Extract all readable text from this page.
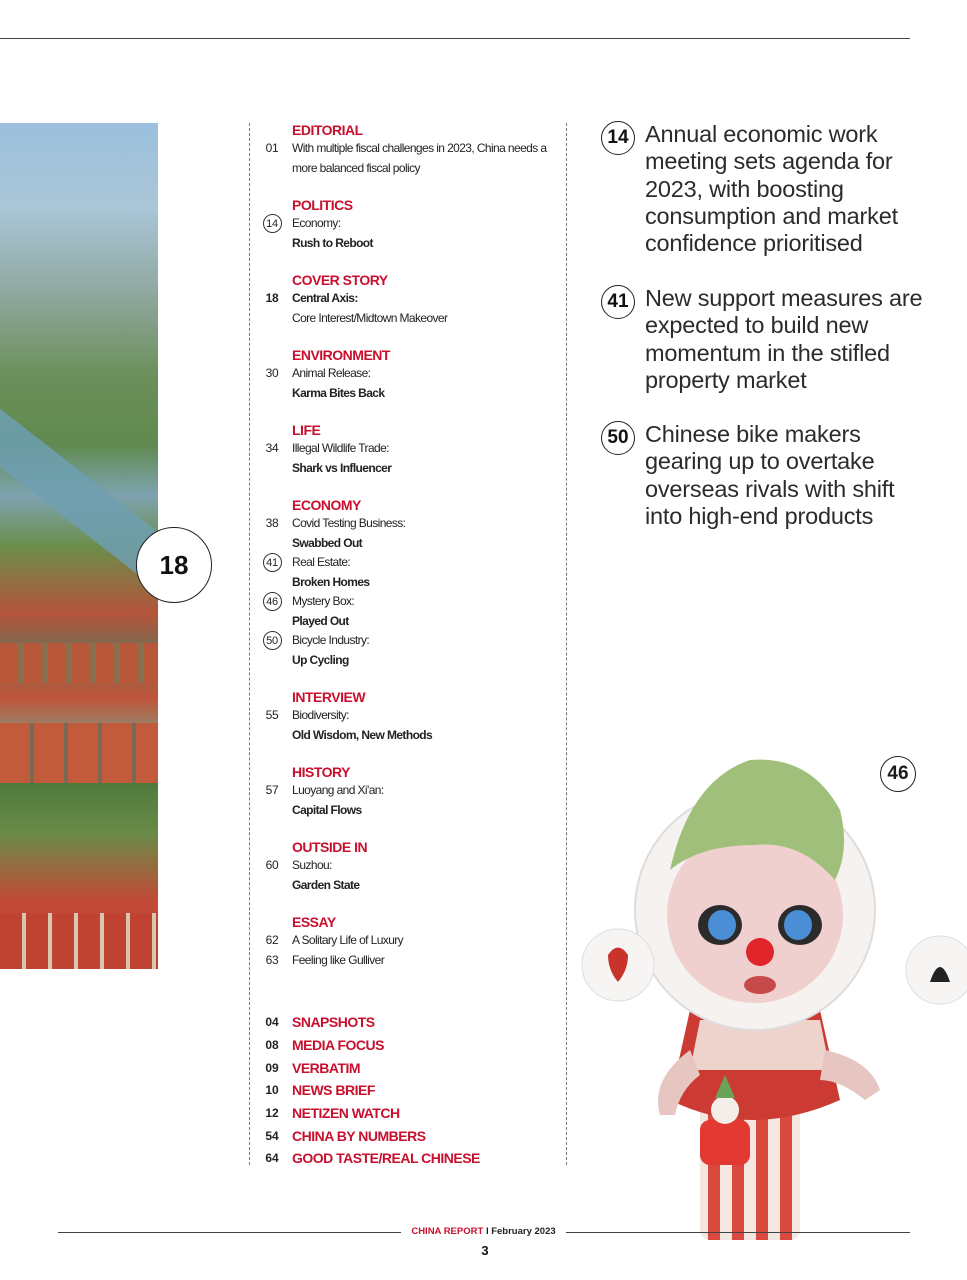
18
EDITORIAL
01	With multiple fiscal challenges in 2023, China needs a more balanced fiscal policy
POLITICS
14	Economy:
Rush to Reboot
COVER STORY
18	Central Axis:
Core Interest/Midtown Makeover
ENVIRONMENT
30	Animal Release:
Karma Bites Back
LIFE
34	Illegal Wildlife Trade:
Shark vs Influencer
ECONOMY
38	Covid Testing Business:
Swabbed Out
41	Real Estate:
Broken Homes
46	Mystery Box:
Played Out
50	Bicycle Industry:
Up Cycling
INTERVIEW
55	Biodiversity:
Old Wisdom, New Methods
HISTORY
57	Luoyang and Xi'an:
Capital Flows
OUTSIDE IN
60	Suzhou:
Garden State
ESSAY
62	A Solitary Life of Luxury
63	Feeling like Gulliver
04 SNAPSHOTS
08 MEDIA FOCUS
09 VERBATIM
10 NEWS BRIEF
12 NETIZEN WATCH
54 CHINA BY NUMBERS
64 GOOD TASTE/REAL CHINESE
14 Annual economic work meeting sets agenda for 2023, with boosting consumption and market confidence prioritised
41 New support measures are expected to build new momentum in the stifled property market
50 Chinese bike makers gearing up to overtake overseas rivals with shift into high-end products
46
CHINA REPORT I February 2023
3
